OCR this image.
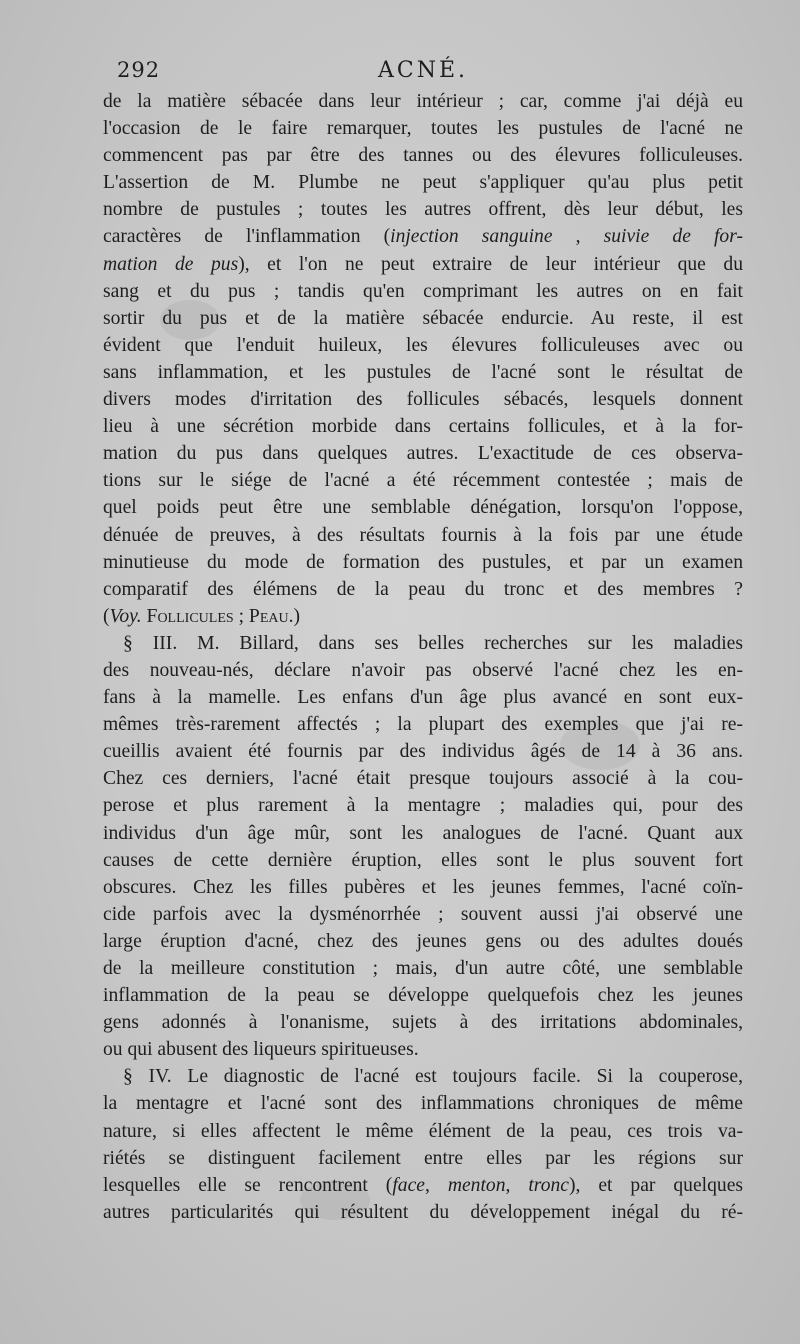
292	ACNÉ.
de la matière sébacée dans leur intérieur ; car, comme j'ai déjà eu
l'occasion de le faire remarquer, toutes les pustules de l'acné ne
commencent pas par être des tannes ou des élevures folliculeuses.
L'assertion de M. Plumbe ne peut s'appliquer qu'au plus petit
nombre de pustules ; toutes les autres offrent, dès leur début, les
caractères de l'inflammation (injection sanguine , suivie de for-
mation de pus), et l'on ne peut extraire de leur intérieur que du
sang et du pus ; tandis qu'en comprimant les autres on en fait
sortir du pus et de la matière sébacée endurcie. Au reste, il est
évident que l'enduit huileux, les élevures folliculeuses avec ou
sans inflammation, et les pustules de l'acné sont le résultat de
divers modes d'irritation des follicules sébacés, lesquels donnent
lieu à une sécrétion morbide dans certains follicules, et à la for-
mation du pus dans quelques autres. L'exactitude de ces observa-
tions sur le siége de l'acné a été récemment contestée ; mais de
quel poids peut être une semblable dénégation, lorsqu'on l'oppose,
dénuée de preuves, à des résultats fournis à la fois par une étude
minutieuse du mode de formation des pustules, et par un examen
comparatif des élémens de la peau du tronc et des membres ?
(Voy. Follicules ; Peau.)
§ III. M. Billard, dans ses belles recherches sur les maladies
des nouveau-nés, déclare n'avoir pas observé l'acné chez les en-
fans à la mamelle. Les enfans d'un âge plus avancé en sont eux-
mêmes très-rarement affectés ; la plupart des exemples que j'ai re-
cueillis avaient été fournis par des individus âgés de 14 à 36 ans.
Chez ces derniers, l'acné était presque toujours associé à la cou-
perose et plus rarement à la mentagre ; maladies qui, pour des
individus d'un âge mûr, sont les analogues de l'acné. Quant aux
causes de cette dernière éruption, elles sont le plus souvent fort
obscures. Chez les filles pubères et les jeunes femmes, l'acné coïn-
cide parfois avec la dysménorrhée ; souvent aussi j'ai observé une
large éruption d'acné, chez des jeunes gens ou des adultes doués
de la meilleure constitution ; mais, d'un autre côté, une semblable
inflammation de la peau se développe quelquefois chez les jeunes
gens adonnés à l'onanisme, sujets à des irritations abdominales,
ou qui abusent des liqueurs spiritueuses.
§ IV. Le diagnostic de l'acné est toujours facile. Si la couperose,
la mentagre et l'acné sont des inflammations chroniques de même
nature, si elles affectent le même élément de la peau, ces trois va-
riétés se distinguent facilement entre elles par les régions sur
lesquelles elle se rencontrent (face, menton, tronc), et par quelques
autres particularités qui résultent du développement inégal du ré-
